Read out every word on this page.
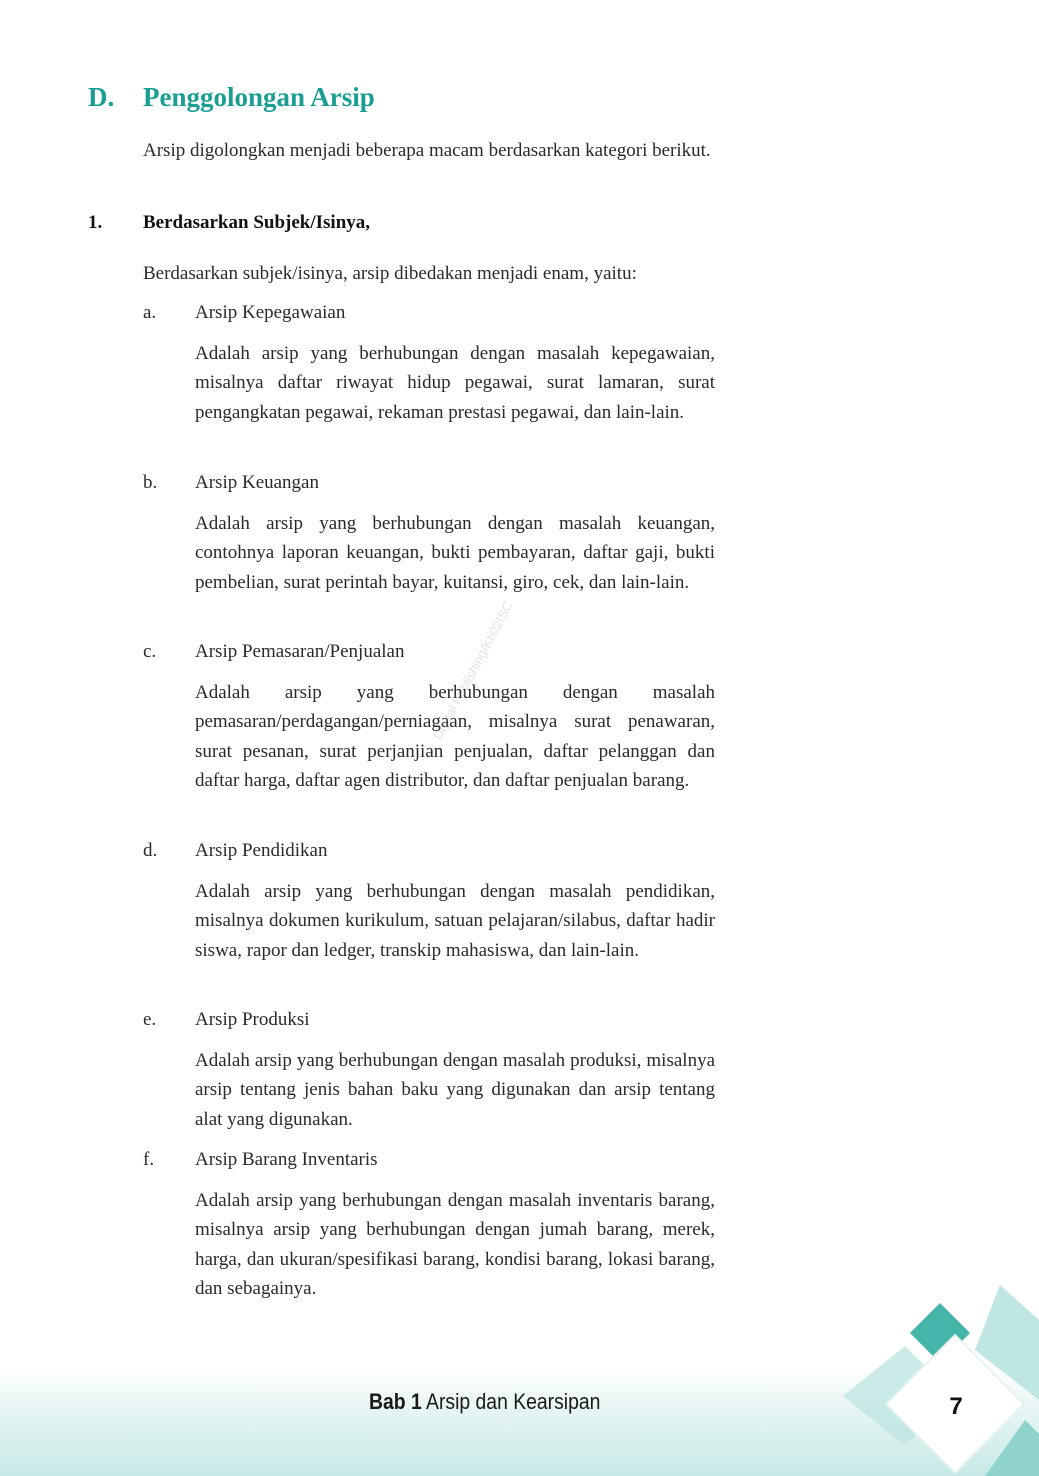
D. Penggolongan Arsip

Arsip digolongkan menjadi beberapa macam berdasarkan kategori berikut.

1. Berdasarkan Subjek/Isinya,

Berdasarkan subjek/isinya, arsip dibedakan menjadi enam, yaitu:

a. Arsip Kepegawaian

Adalah arsip yang berhubungan dengan masalah kepegawaian, misalnya daftar riwayat hidup pegawai, surat lamaran, surat pengangkatan pegawai, rekaman prestasi pegawai, dan lain-lain.

b. Arsip Keuangan

Adalah arsip yang berhubungan dengan masalah keuangan, contohnya laporan keuangan, bukti pembayaran, daftar gaji, bukti pembelian, surat perintah bayar, kuitansi, giro, cek, dan lain-lain.

c. Arsip Pemasaran/Penjualan

Adalah arsip yang berhubungan dengan masalah pemasaran/perdagangan/perniagaan, misalnya surat penawaran, surat pesanan, surat perjanjian penjualan, daftar pelanggan dan daftar harga, daftar agen distributor, dan daftar penjualan barang.

d. Arsip Pendidikan

Adalah arsip yang berhubungan dengan masalah pendidikan, misalnya dokumen kurikulum, satuan pelajaran/silabus, daftar hadir siswa, rapor dan ledger, transkip mahasiswa, dan lain-lain.

e. Arsip Produksi

Adalah arsip yang berhubungan dengan masalah produksi, misalnya arsip tentang jenis bahan baku yang digunakan dan arsip tentang alat yang digunakan.

f. Arsip Barang Inventaris

Adalah arsip yang berhubungan dengan masalah inventaris barang, misalnya arsip yang berhubungan dengan jumah barang, merek, harga, dan ukuran/spesifikasi barang, kondisi barang, lokasi barang, dan sebagainya.

Digital Publishing/Kti02ISC
Bab 1 Arsip dan Kearsipan	7
